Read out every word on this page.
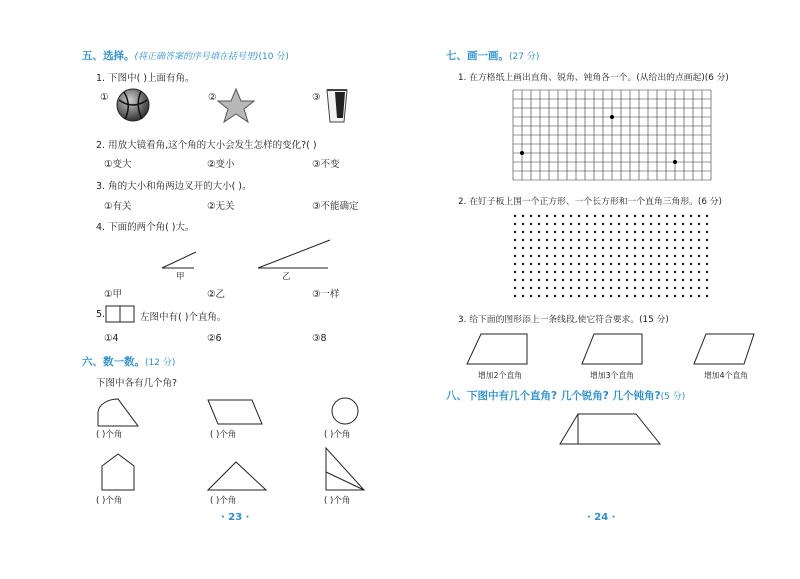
五、选择。(将正确答案的序号填在括号里)(10 分)
1. 下图中( )上面有角。
①	②	③
2. 用放大镜看角,这个角的大小会发生怎样的变化?( )
①变大	②变小	③不变
3. 角的大小和角两边叉开的大小( )。
①有关	②无关	③不能确定
4. 下面的两个角( )大。
甲	乙
①甲	②乙	③一样
5.	左图中有( )个直角。
①4	②6	③8
六、数一数。(12 分)
下图中各有几个角?
( )个角	( )个角	( )个角
( )个角	( )个角	( )个角
· 23 ·
七、画一画。(27 分)
1. 在方格纸上画出直角、锐角、钝角各一个。(从给出的点画起)(6 分)
2. 在钉子板上围一个正方形、一个长方形和一个直角三角形。(6 分)
3. 给下面的图形添上一条线段,使它符合要求。(15 分)
增加2个直角	增加3个直角	增加4个直角
八、下图中有几个直角? 几个锐角? 几个钝角?(5 分)
· 24 ·
